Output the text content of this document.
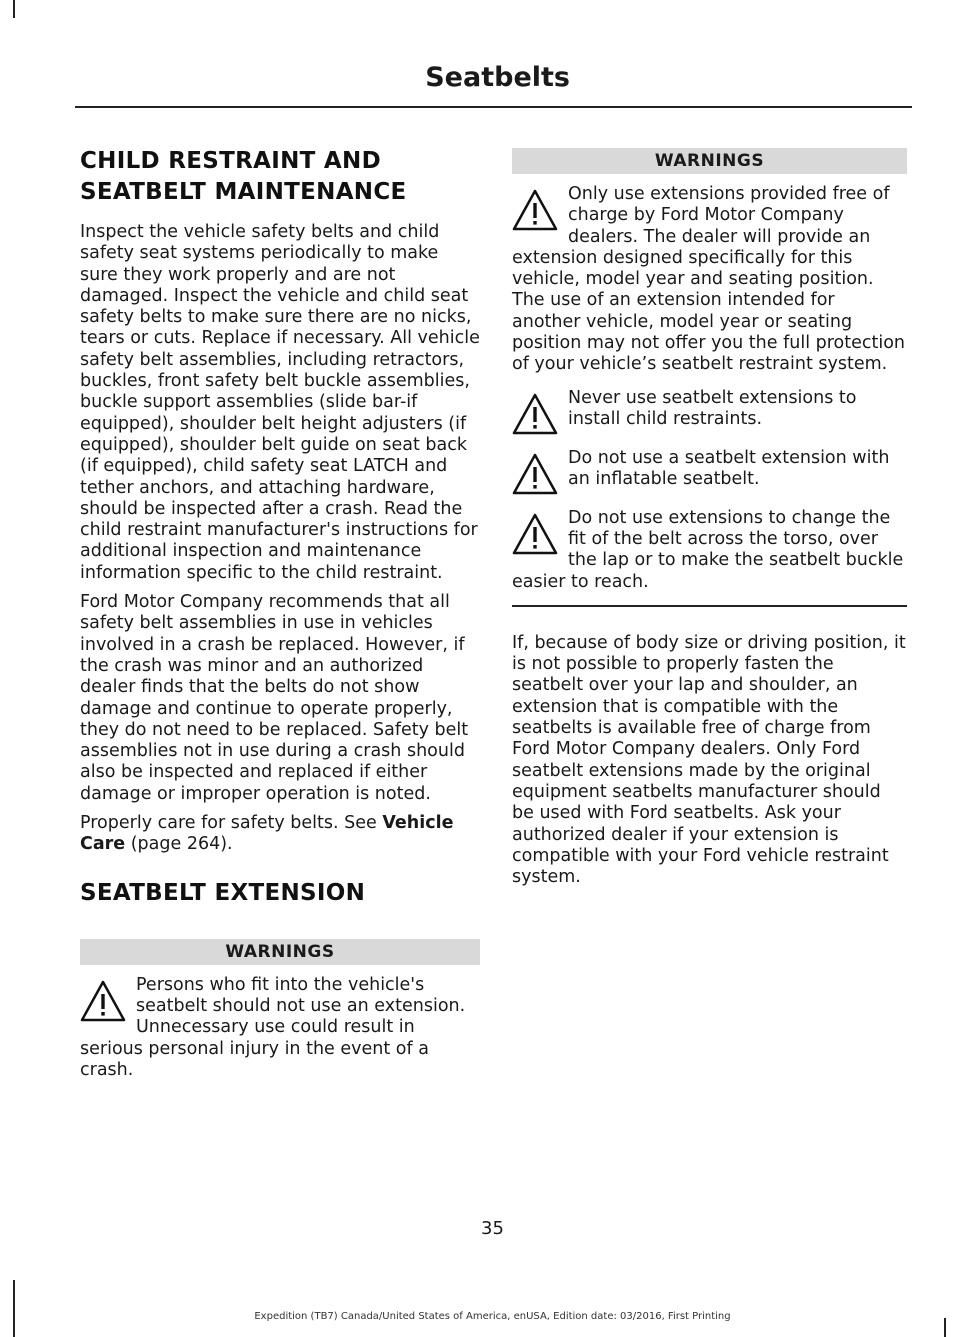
Seatbelts
CHILD RESTRAINT AND
SEATBELT MAINTENANCE

Inspect the vehicle safety belts and child safety seat systems periodically to make sure they work properly and are not damaged. Inspect the vehicle and child seat safety belts to make sure there are no nicks, tears or cuts. Replace if necessary. All vehicle safety belt assemblies, including retractors, buckles, front safety belt buckle assemblies, buckle support assemblies (slide bar-if equipped), shoulder belt height adjusters (if equipped), shoulder belt guide on seat back (if equipped), child safety seat LATCH and tether anchors, and attaching hardware, should be inspected after a crash. Read the child restraint manufacturer's instructions for additional inspection and maintenance information specific to the child restraint.

Ford Motor Company recommends that all safety belt assemblies in use in vehicles involved in a crash be replaced. However, if the crash was minor and an authorized dealer finds that the belts do not show damage and continue to operate properly, they do not need to be replaced. Safety belt assemblies not in use during a crash should also be inspected and replaced if either damage or improper operation is noted.

Properly care for safety belts. See Vehicle Care (page 264).

SEATBELT EXTENSION
WARNINGS
Persons who fit into the vehicle's seatbelt should not use an extension. Unnecessary use could result in serious personal injury in the event of a crash.
WARNINGS
Only use extensions provided free of charge by Ford Motor Company dealers. The dealer will provide an extension designed specifically for this vehicle, model year and seating position. The use of an extension intended for another vehicle, model year or seating position may not offer you the full protection of your vehicle’s seatbelt restraint system.
Never use seatbelt extensions to install child restraints.
Do not use a seatbelt extension with an inflatable seatbelt.
Do not use extensions to change the fit of the belt across the torso, over the lap or to make the seatbelt buckle easier to reach.

If, because of body size or driving position, it is not possible to properly fasten the seatbelt over your lap and shoulder, an extension that is compatible with the seatbelts is available free of charge from Ford Motor Company dealers. Only Ford seatbelt extensions made by the original equipment seatbelts manufacturer should be used with Ford seatbelts. Ask your authorized dealer if your extension is compatible with your Ford vehicle restraint system.

35
Expedition (TB7) Canada/United States of America, enUSA, Edition date: 03/2016, First Printing
